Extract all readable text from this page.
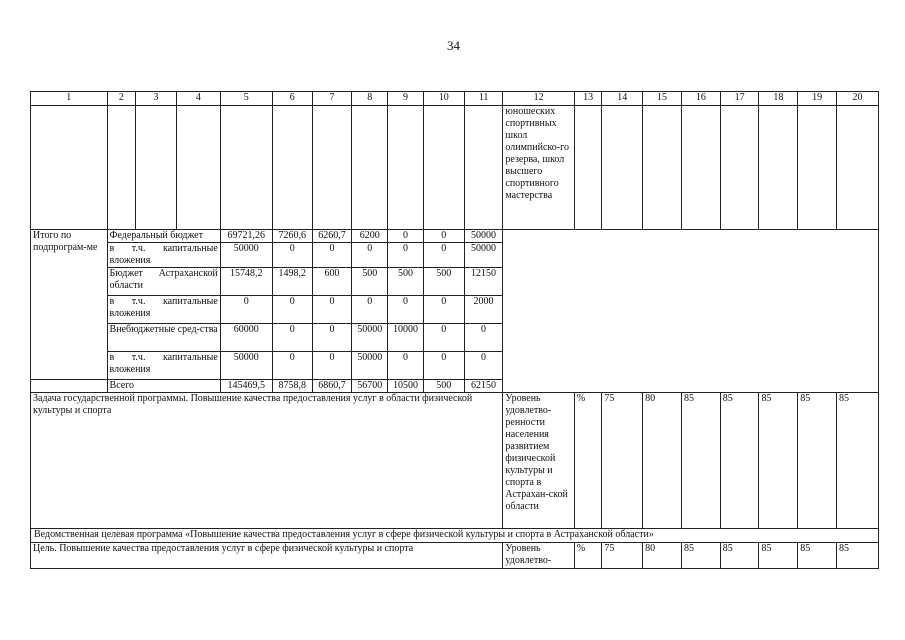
34
1	2	3	4	5	6	7	8	9	10	11	12	13	14	15	16	17	18	19	20
											юношеских спортивных школ олимпийско-го резерва, школ высшего спортивного мастерства								
Итого по подпрограм-ме	Федеральный бюджет			69721,26	7260,6	6260,7	6200	0	0	50000									
	в т.ч. капитальные вложения			50000	0	0	0	0	0	50000									
	Бюджет Астраханской области			15748,2	1498,2	600	500	500	500	12150									
	в т.ч. капитальные вложения			0	0	0	0	0	0	2000									
	Внебюджетные сред-ства			60000	0	0	50000	10000	0	0									
	в т.ч. капитальные вложения			50000	0	0	50000	0	0	0									
	Всего			145469,5	8758,8	6860,7	56700	10500	500	62150									
Задача государственной программы. Повышение качества предоставления услуг в области физической культуры и спорта											Уровень удовлетво-ренности населения развитием физической культуры и спорта в Астрахан-ской области	%	75	80	85	85	85	85	85
Ведомственная целевая программа «Повышение качества предоставления услуг в сфере физической культуры и спорта в Астраханской области»																			
Цель. Повышение качества предоставления услуг в сфере физической культуры и спорта											Уровень удовлетво-	%	75	80	85	85	85	85	85
